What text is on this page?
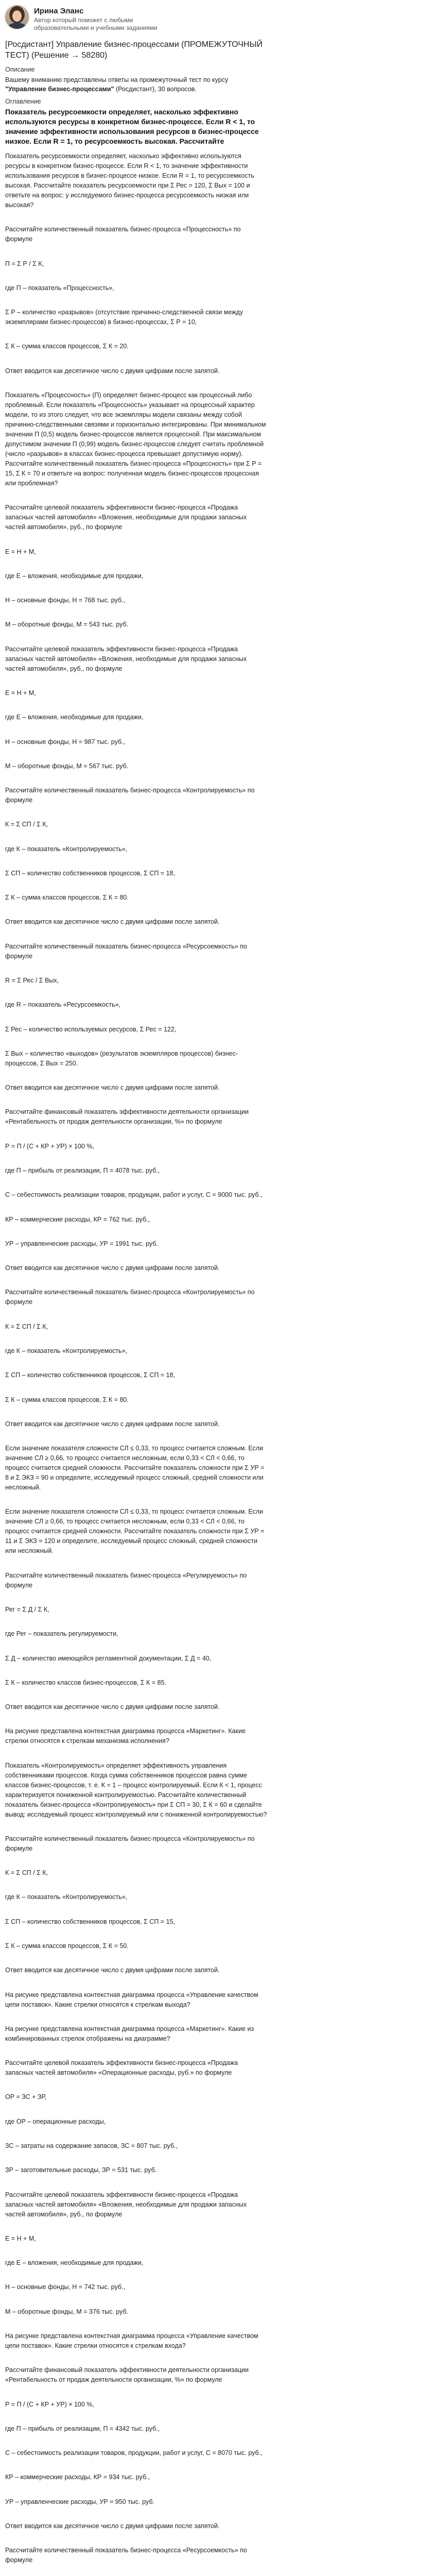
Ирина Эланс
Автор который поможет с любыми образовательными и учебными заданиями
[Росдистант] Управление бизнес-процессами (ПРОМЕЖУТОЧНЫЙ ТЕСТ) (Решение → 58280)
Описание

Вашему вниманию представлены ответы на промежуточный тест по курсу "Управление бизнес-процессами" (Росдистант), 30 вопросов.

Оглавление
Показатель ресурсоемкости определяет, насколько эффективно используются ресурсы в конкретном бизнес-процессе. Если R < 1, то значение эффективности использования ресурсов в бизнес-процессе низкое. Если R = 1, то ресурсоемкость высокая. Рассчитайте

Показатель ресурсоемкости определяет, насколько эффективно используются ресурсы в конкретном бизнес-процессе. Если R < 1, то значение эффективности использования ресурсов в бизнес-процессе низкое. Если R = 1, то ресурсоемкость высокая. Рассчитайте показатель ресурсоемкости при Σ Рес = 120, Σ Вых = 100 и ответьте на вопрос: у исследуемого бизнес-процесса ресурсоемкость низкая или высокая?

Рассчитайте количественный показатель бизнес-процесса «Процессность» по формуле

П = Σ Р / Σ К,

где П – показатель «Процессность»,

Σ Р – количество «разрывов» (отсутствие причинно-следственной связи между экземплярами бизнес-процессов) в бизнес-процессах, Σ Р = 10,

Σ К – сумма классов процессов, Σ К = 20.

Ответ вводится как десятичное число с двумя цифрами после запятой.

Показатель «Процессность» (П) определяет бизнес-процесс как процессный либо проблемный. Если показатель «Процессность» указывает на процессный характер модели, то из этого следует, что все экземпляры модели связаны между собой причинно-следственными связями и горизонтально интегрированы. При минимальном значении П (0,5) модель бизнес-процессов является процессной. При максимальном допустимом значении П (0,99) модель бизнес-процессов следует считать проблемной (число «разрывов» в классах бизнес-процесса превышает допустимую норму). Рассчитайте количественный показатель бизнес-процесса «Процессность» при Σ Р = 15, Σ К = 70 и ответьте на вопрос: полученная модель бизнес-процессов процессная или проблемная?

Рассчитайте целевой показатель эффективности бизнес-процесса «Продажа запасных частей автомобиля» «Вложения, необходимые для продажи запасных частей автомобиля», руб., по формуле

Е = Н + М,

где Е – вложения, необходимые для продажи,

Н – основные фонды, Н = 768 тыс. руб.,

М – оборотные фонды, М = 543 тыс. руб.

Рассчитайте целевой показатель эффективности бизнес-процесса «Продажа запасных частей автомобиля» «Вложения, необходимые для продажи запасных частей автомобиля», руб., по формуле

Е = Н + М,

где Е – вложения, необходимые для продажи,

Н – основные фонды, Н = 987 тыс. руб.,

М – оборотные фонды, М = 567 тыс. руб.

Рассчитайте количественный показатель бизнес-процесса «Контролируемость» по формуле

К = Σ СП / Σ К,

где К – показатель «Контролируемость»,

Σ СП – количество собственников процессов, Σ СП = 18,

Σ К – сумма классов процессов, Σ К = 80.

Ответ вводится как десятичное число с двумя цифрами после запятой.

Рассчитайте количественный показатель бизнес-процесса «Ресурсоемкость» по формуле

R = Σ Рес / Σ Вых,

где R – показатель «Ресурсоемкость»,

Σ Рес – количество используемых ресурсов, Σ Рес = 122,

Σ Вых – количество «выходов» (результатов экземпляров процессов) бизнес-процессов, Σ Вых = 250.

Ответ вводится как десятичное число с двумя цифрами после запятой.

Рассчитайте финансовый показатель эффективности деятельности организации «Рентабельность от продаж деятельности организации, %» по формуле

Р = П / (С + КР + УР) × 100 %,

где П – прибыль от реализации, П = 4078 тыс. руб.,

С – себестоимость реализации товаров, продукции, работ и услуг, С = 9000 тыс. руб.,

КР – коммерческие расходы, КР = 762 тыс. руб.,

УР – управленческие расходы, УР = 1991 тыс. руб.

Ответ вводится как десятичное число с двумя цифрами после запятой.

Рассчитайте количественный показатель бизнес-процесса «Контролируемость» по формуле

К = Σ СП / Σ К,

где К – показатель «Контролируемость»,

Σ СП – количество собственников процессов, Σ СП = 18,

Σ К – сумма классов процессов, Σ К = 80.

Ответ вводится как десятичное число с двумя цифрами после запятой.

Если значение показателя сложности СЛ ≤ 0,33, то процесс считается сложным. Если значение СЛ ≥ 0,66, то процесс считается несложным, если 0,33 < СЛ < 0,66, то процесс считается средней сложности. Рассчитайте показатель сложности при Σ УР = 8 и Σ ЭКЗ = 90 и определите, исследуемый процесс сложный, средней сложности или несложный.

Если значение показателя сложности СЛ ≤ 0,33, то процесс считается сложным. Если значение СЛ ≥ 0,66, то процесс считается несложным, если 0,33 < СЛ < 0,66, то процесс считается средней сложности. Рассчитайте показатель сложности при Σ УР = 11 и Σ ЭКЗ = 120 и определите, исследуемый процесс сложный, средней сложности или несложный.

Рассчитайте количественный показатель бизнес-процесса «Регулируемость» по формуле

Рег = Σ Д / Σ К,

где Рег – показатель регулируемости,

Σ Д – количество имеющейся регламентной документации, Σ Д = 40,

Σ К – количество классов бизнес-процессов, Σ К = 85.

Ответ вводится как десятичное число с двумя цифрами после запятой.

На рисунке представлена контекстная диаграмма процесса «Маркетинг». Какие стрелки относятся к стрелкам механизма исполнения?

Показатель «Контролируемость» определяет эффективность управления собственниками процессов. Когда сумма собственников процессов равна сумме классов бизнес-процессов, т. е. К = 1 – процесс контролируемый. Если К < 1, процесс характеризуется пониженной контролируемостью. Рассчитайте количественный показатель бизнес-процесса «Контролируемость» при Σ СП = 30, Σ К = 60 и сделайте вывод: исследуемый процесс контролируемый или с пониженной контролируемостью?

Рассчитайте количественный показатель бизнес-процесса «Контролируемость» по формуле

К = Σ СП / Σ К,

где К – показатель «Контролируемость»,

Σ СП – количество собственников процессов, Σ СП = 15,

Σ К – сумма классов процессов, Σ К = 50.

Ответ вводится как десятичное число с двумя цифрами после запятой.

На рисунке представлена контекстная диаграмма процесса «Управление качеством цепи поставок». Какие стрелки относятся к стрелкам выхода?

На рисунке представлена контекстная диаграмма процесса «Маркетинг». Какие из комбинированных стрелок отображены на диаграмме?

Рассчитайте целевой показатель эффективности бизнес-процесса «Продажа запасных частей автомобиля» «Операционные расходы, руб.» по формуле

ОР = ЗС + ЗР,

где ОР – операционные расходы,

ЗС – затраты на содержание запасов, ЗС = 807 тыс. руб.,

ЗР – заготовительные расходы, ЗР = 531 тыс. руб.

Рассчитайте целевой показатель эффективности бизнес-процесса «Продажа запасных частей автомобиля» «Вложения, необходимые для продажи запасных частей автомобиля», руб., по формуле

Е = Н + М,

где Е – вложения, необходимые для продажи,

Н – основные фонды, Н = 742 тыс. руб.,

М – оборотные фонды, М = 376 тыс. руб.

На рисунке представлена контекстная диаграмма процесса «Управление качеством цепи поставок». Какие стрелки относятся к стрелкам входа?

Рассчитайте финансовый показатель эффективности деятельности организации «Рентабельность от продаж деятельности организации, %» по формуле

Р = П / (С + КР + УР) × 100 %,

где П – прибыль от реализации, П = 4342 тыс. руб.,

С – себестоимость реализации товаров, продукции, работ и услуг, С = 8070 тыс. руб.,

КР – коммерческие расходы, КР = 934 тыс. руб.,

УР – управленческие расходы, УР = 950 тыс. руб.

Ответ вводится как десятичное число с двумя цифрами после запятой.

Рассчитайте количественный показатель бизнес-процесса «Ресурсоемкость» по формуле
